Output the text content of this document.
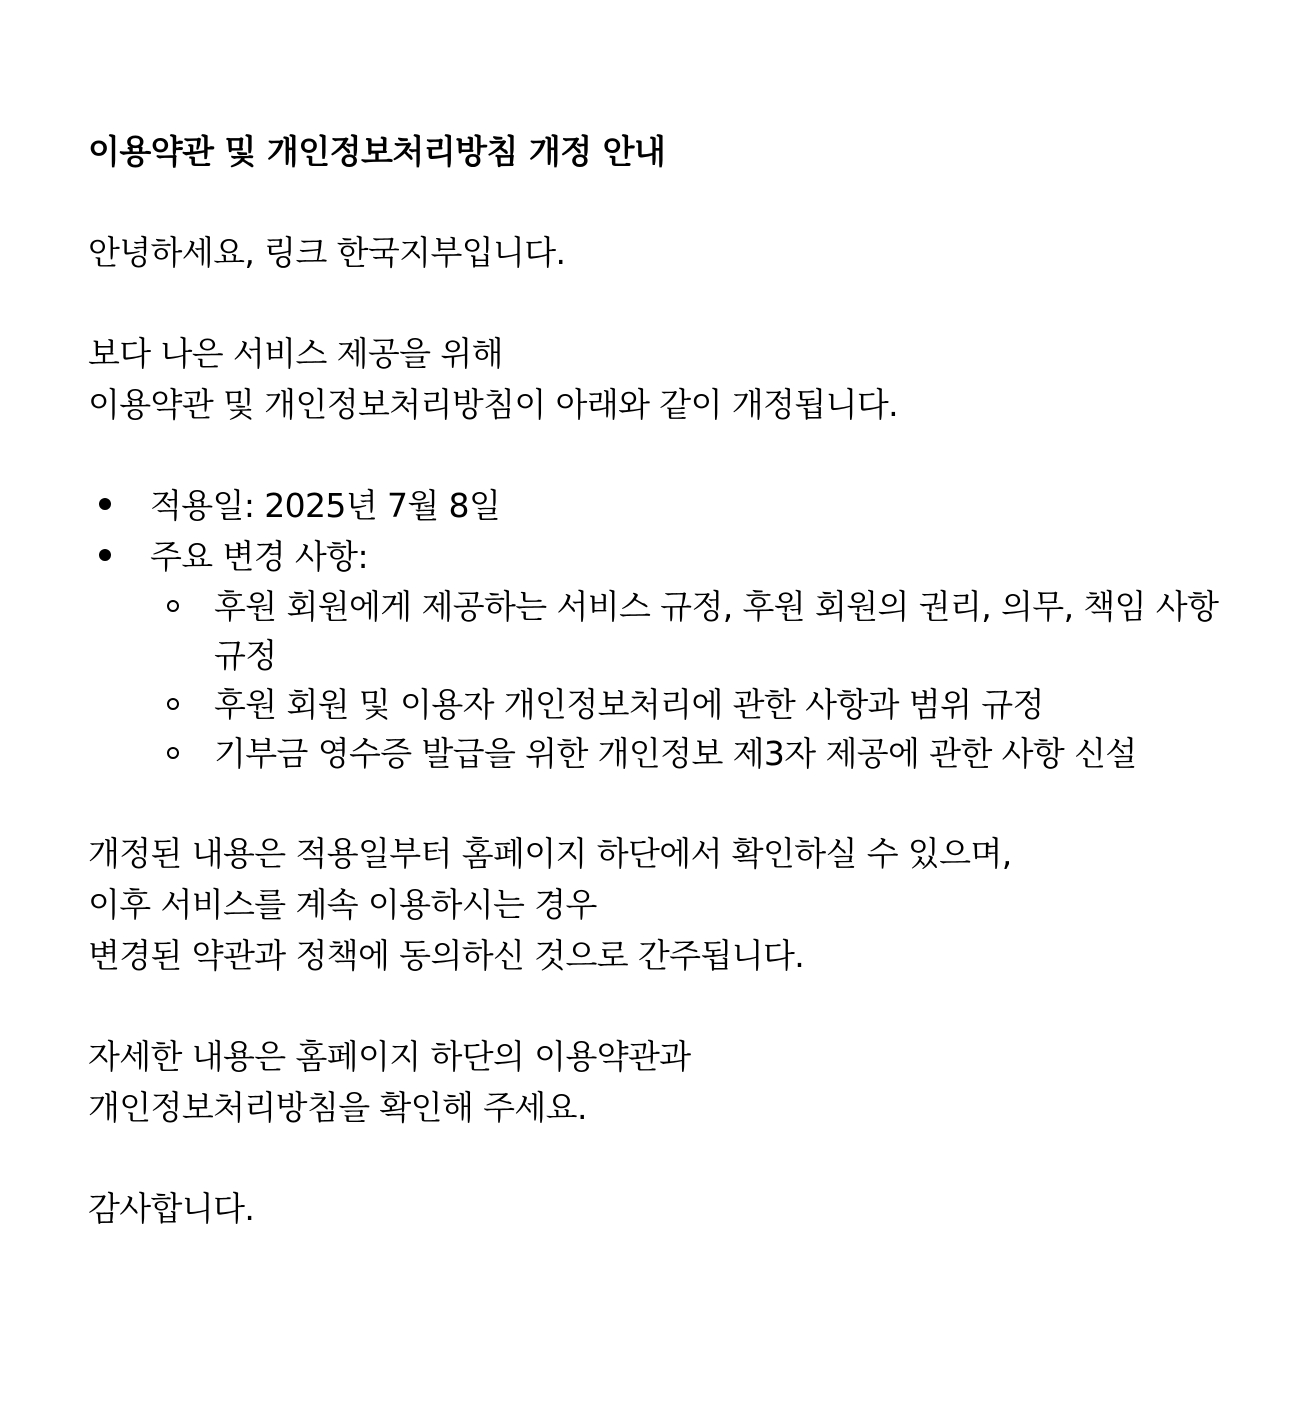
이용약관 및 개인정보처리방침 개정 안내

안녕하세요, 링크 한국지부입니다.

보다 나은 서비스 제공을 위해
이용약관 및 개인정보처리방침이 아래와 같이 개정됩니다.

적용일: 2025년 7월 8일
주요 변경 사항:
후원 회원에게 제공하는 서비스 규정, 후원 회원의 권리, 의무, 책임 사항 규정
후원 회원 및 이용자 개인정보처리에 관한 사항과 범위 규정
기부금 영수증 발급을 위한 개인정보 제3자 제공에 관한 사항 신설

개정된 내용은 적용일부터 홈페이지 하단에서 확인하실 수 있으며,
이후 서비스를 계속 이용하시는 경우
변경된 약관과 정책에 동의하신 것으로 간주됩니다.

자세한 내용은 홈페이지 하단의 이용약관과
개인정보처리방침을 확인해 주세요.

감사합니다.
